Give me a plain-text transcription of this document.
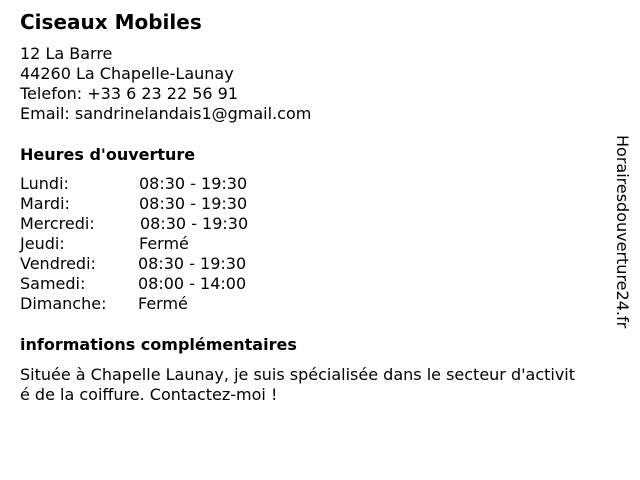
Ciseaux Mobiles
12 La Barre
44260 La Chapelle-Launay
Telefon: +33 6 23 22 56 91
Email: sandrinelandais1@gmail.com
Heures d'ouverture
Lundi:	08:30 - 19:30
Mardi:	08:30 - 19:30
Mercredi:	08:30 - 19:30
Jeudi:	Fermé
Vendredi:	08:30 - 19:30
Samedi:	08:00 - 14:00
Dimanche: Fermé
informations complémentaires
Située à Chapelle Launay, je suis spécialisée dans le secteur d'activité de la coiffure. Contactez-moi !
Horairesdouverture24.fr
